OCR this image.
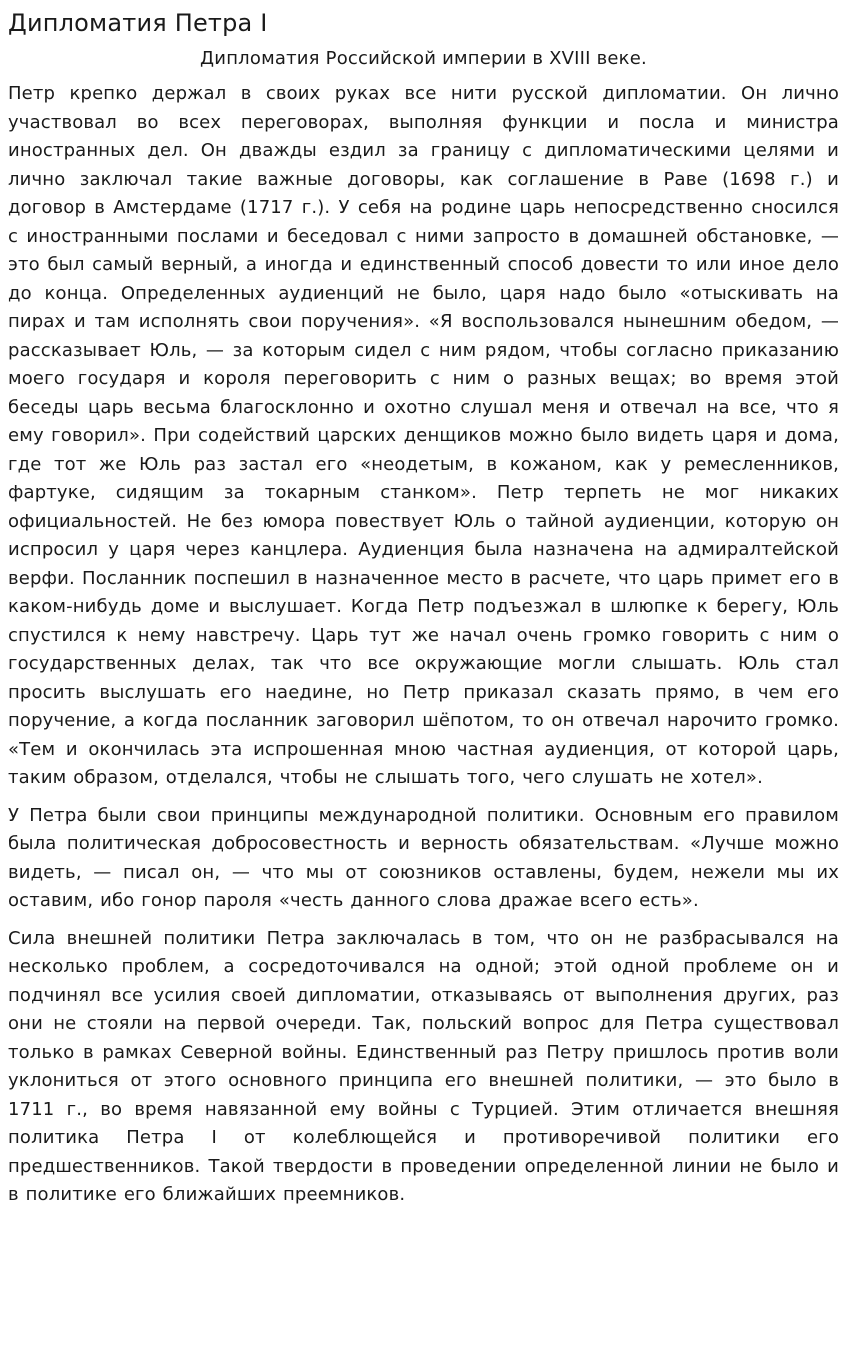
Дипломатия Петра I
Дипломатия Российской империи в XVIII веке.

Петр крепко держал в своих руках все нити русской дипломатии. Он лично участвовал во всех переговорах, выполняя функции и посла и министра иностранных дел. Он дважды ездил за границу с дипломатическими целями и лично заключал такие важные договоры, как соглашение в Раве (1698 г.) и договор в Амстердаме (1717 г.). У себя на родине царь непосредственно сносился с иностранными послами и беседовал с ними запросто в домашней обстановке, — это был самый верный, а иногда и единственный способ довести то или иное дело до конца. Определенных аудиенций не было, царя надо было «отыскивать на пирах и там исполнять свои поручения». «Я воспользовался нынешним обедом, — рассказывает Юль, — за которым сидел с ним рядом, чтобы согласно приказанию моего государя и короля переговорить с ним о разных вещах; во время этой беседы царь весьма благосклонно и охотно слушал меня и отвечал на все, что я ему говорил». При содействий царских денщиков можно было видеть царя и дома, где тот же Юль раз застал его «неодетым, в кожаном, как у ремесленников, фартуке, сидящим за токарным станком». Петр терпеть не мог никаких официальностей. Не без юмора повествует Юль о тайной аудиенции, которую он испросил у царя через канцлера. Аудиенция была назначена на адмиралтейской верфи. Посланник поспешил в назначенное место в расчете, что царь примет его в каком-нибудь доме и выслушает. Когда Петр подъезжал в шлюпке к берегу, Юль спустился к нему навстречу. Царь тут же начал очень громко говорить с ним о государственных делах, так что все окружающие могли слышать. Юль стал просить выслушать его наедине, но Петр приказал сказать прямо, в чем его поручение, а когда посланник заговорил шёпотом, то он отвечал нарочито громко. «Тем и окончилась эта испрошенная мною частная аудиенция, от которой царь, таким образом, отделался, чтобы не слышать того, чего слушать не хотел».

У Петра были свои принципы международной политики. Основным его правилом была политическая добросовестность и верность обязательствам. «Лучше можно видеть, — писал он, — что мы от союзников оставлены, будем, нежели мы их оставим, ибо гонор пароля «честь данного слова дражае всего есть».

Сила внешней политики Петра заключалась в том, что он не разбрасывался на несколько проблем, а сосредоточивался на одной; этой одной проблеме он и подчинял все усилия своей дипломатии, отказываясь от выполнения других, раз они не стояли на первой очереди. Так, польский вопрос для Петра существовал только в рамках Северной войны. Единственный раз Петру пришлось против воли уклониться от этого основного принципа его внешней политики, — это было в 1711 г., во время навязанной ему войны с Турцией. Этим отличается внешняя политика Петра I от колеблющейся и противоречивой политики его предшественников. Такой твердости в проведении определенной линии не было и в политике его ближайших преемников.
